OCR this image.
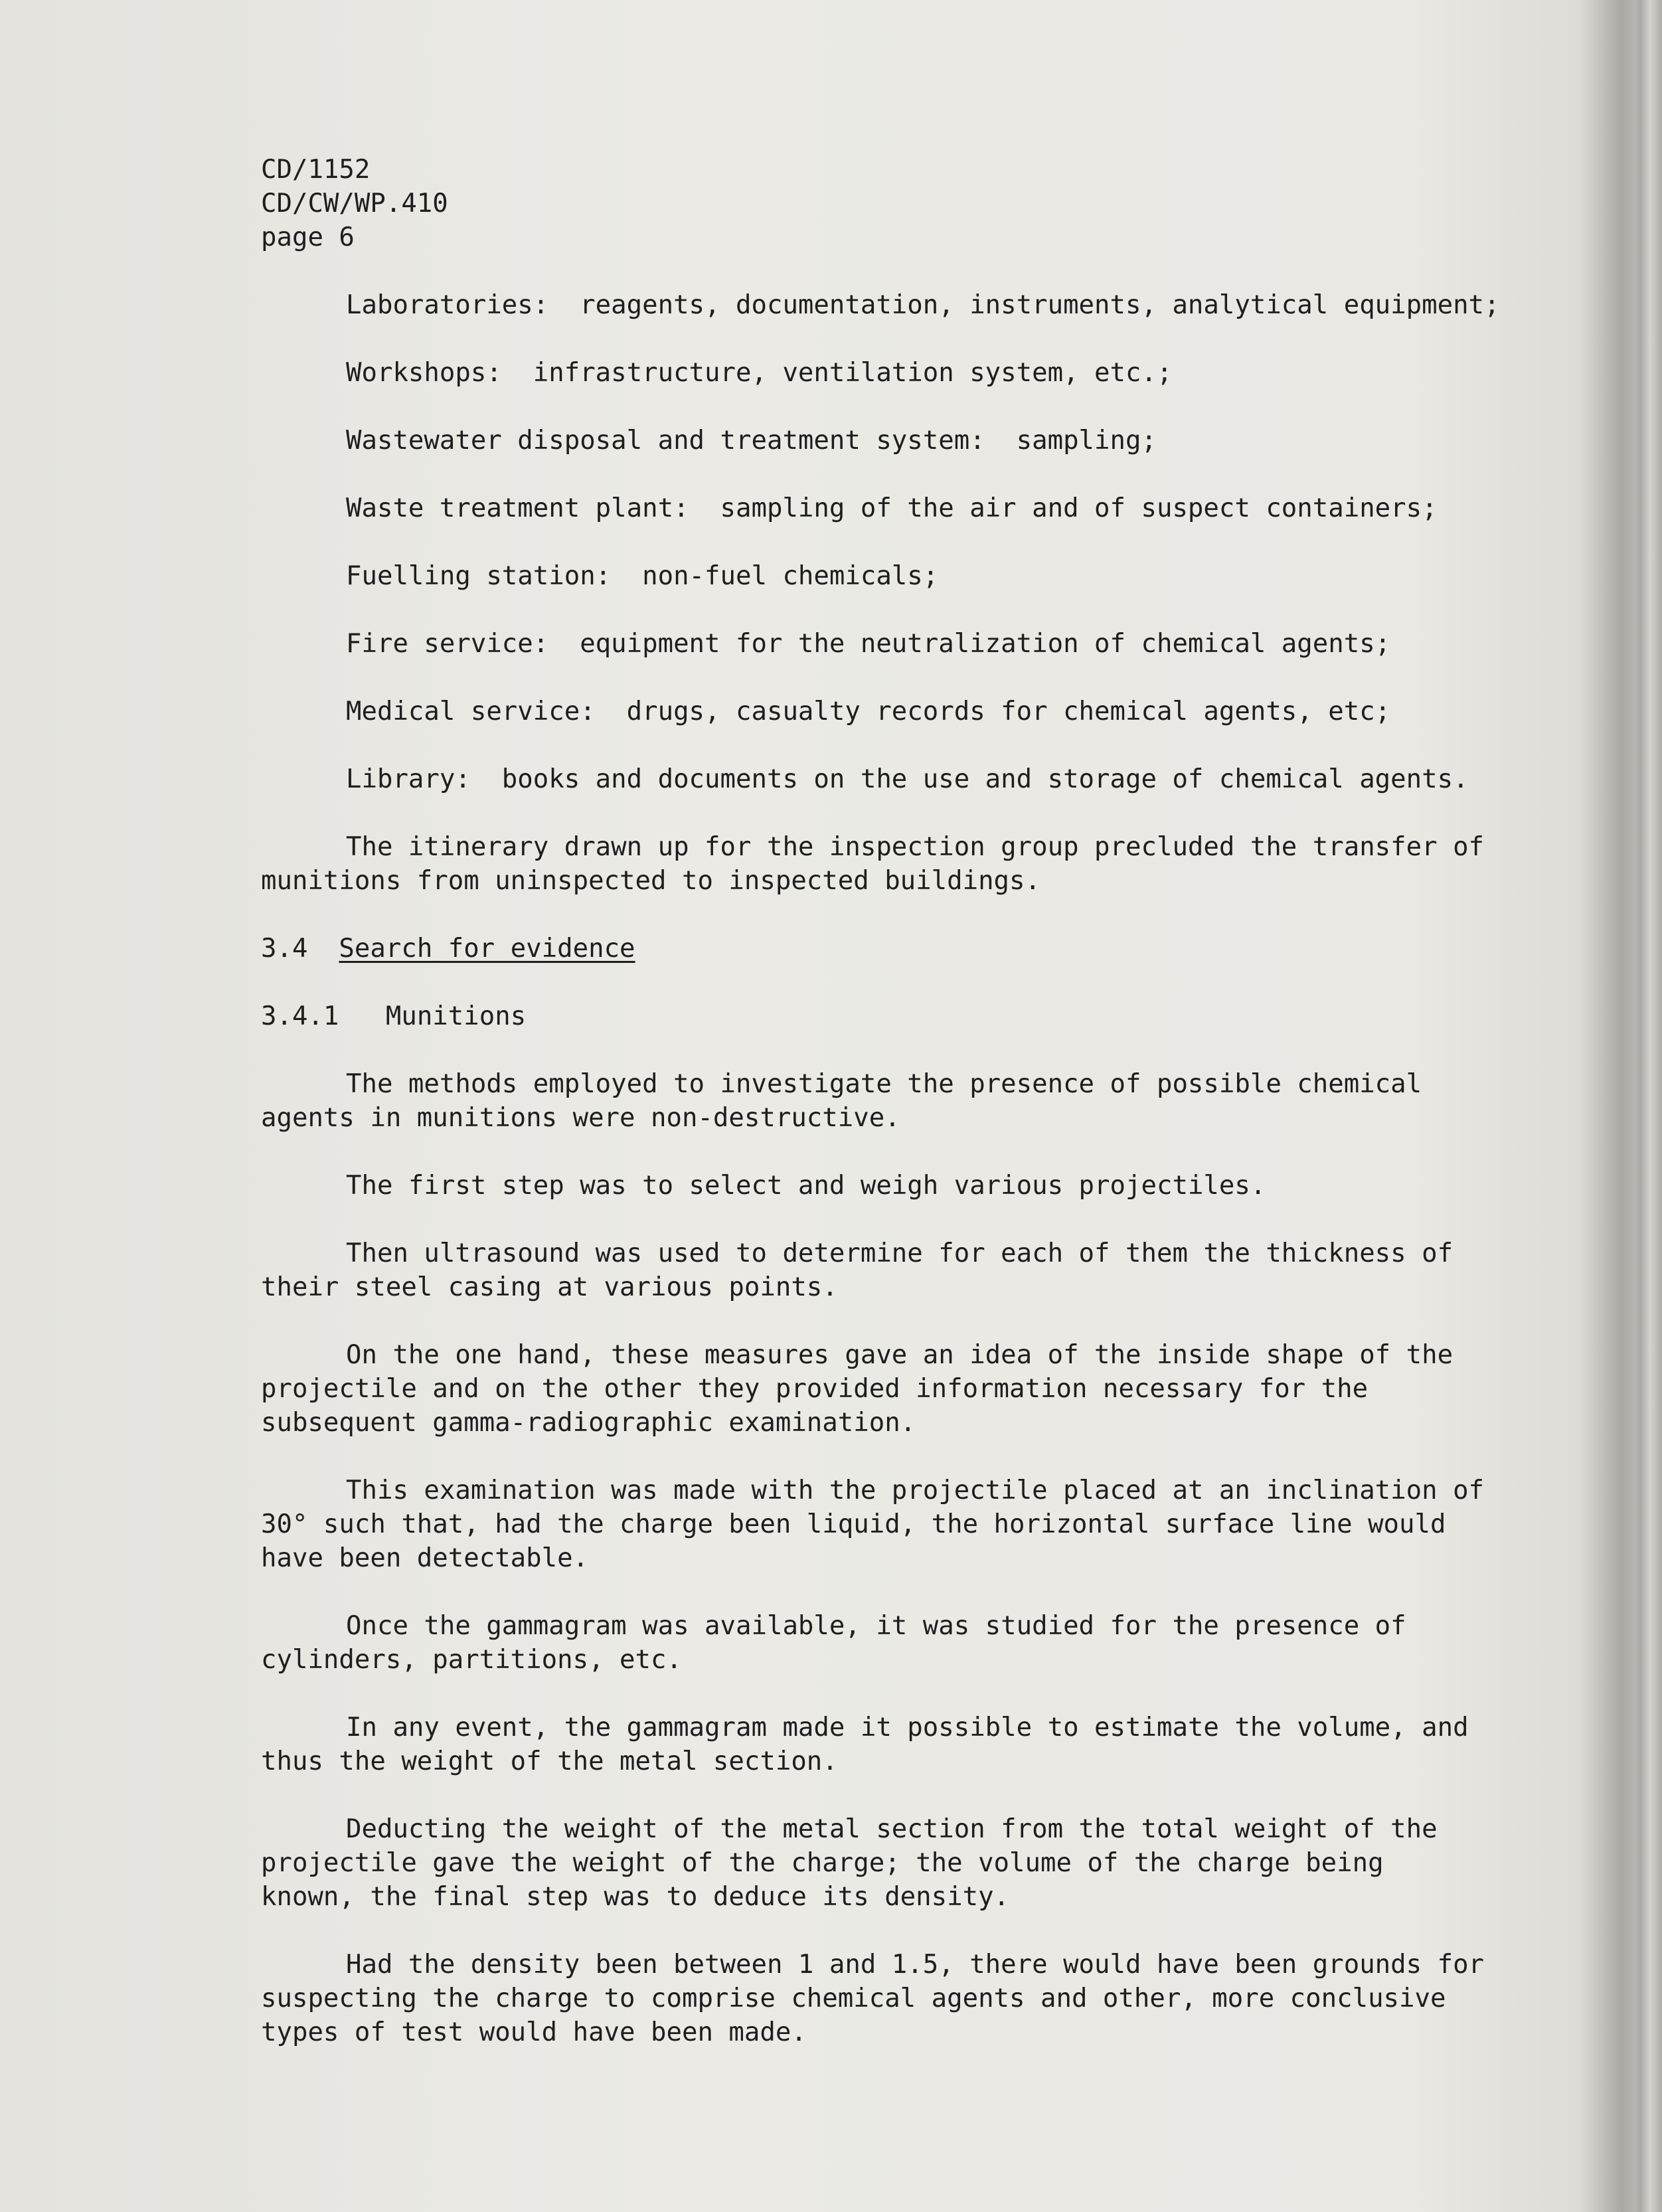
CD/1152
CD/CW/WP.410
page 6

Laboratories:  reagents, documentation, instruments, analytical equipment;

Workshops:  infrastructure, ventilation system, etc.;

Wastewater disposal and treatment system:  sampling;

Waste treatment plant:  sampling of the air and of suspect containers;

Fuelling station:  non-fuel chemicals;

Fire service:  equipment for the neutralization of chemical agents;

Medical service:  drugs, casualty records for chemical agents, etc;

Library:  books and documents on the use and storage of chemical agents.

The itinerary drawn up for the inspection group precluded the transfer of

munitions from uninspected to inspected buildings.

3.4 Search for evidence
3.4.1 Munitions

The methods employed to investigate the presence of possible chemical

agents in munitions were non-destructive.

The first step was to select and weigh various projectiles.

Then ultrasound was used to determine for each of them the thickness of

their steel casing at various points.

On the one hand, these measures gave an idea of the inside shape of the

projectile and on the other they provided information necessary for the

subsequent gamma-radiographic examination.

This examination was made with the projectile placed at an inclination of

30° such that, had the charge been liquid, the horizontal surface line would

have been detectable.

Once the gammagram was available, it was studied for the presence of

cylinders, partitions, etc.

In any event, the gammagram made it possible to estimate the volume, and

thus the weight of the metal section.

Deducting the weight of the metal section from the total weight of the

projectile gave the weight of the charge; the volume of the charge being

known, the final step was to deduce its density.

Had the density been between 1 and 1.5, there would have been grounds for

suspecting the charge to comprise chemical agents and other, more conclusive

types of test would have been made.
